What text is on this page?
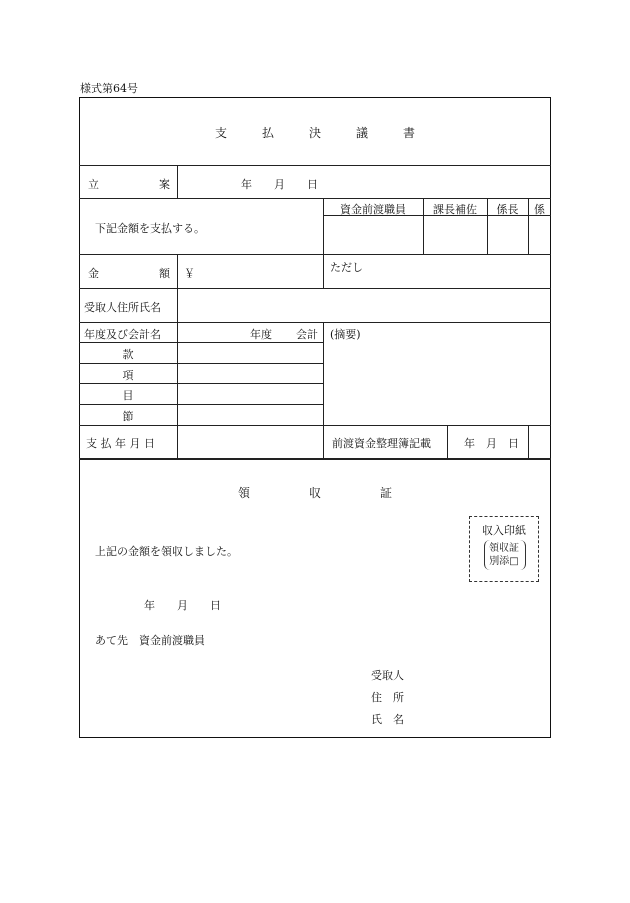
様式第64号
支 払 決 議 書
立　　　案	年　　月　　日
下記金額を支払する。
資金前渡職員	課長補佐	係長	係
金　　　額 ￥	ただし
受取人住所氏名
年度及び会計名	年度 会計 (摘要)
款
項
目
節
支 払 年 月 日	前渡資金整理簿記載	年　月　日
領 収 証
収入印紙
領収証
別添□
上記の金額を領収しました。
年　　月　　日
あて先　資金前渡職員
受取人
住　所
氏　名
